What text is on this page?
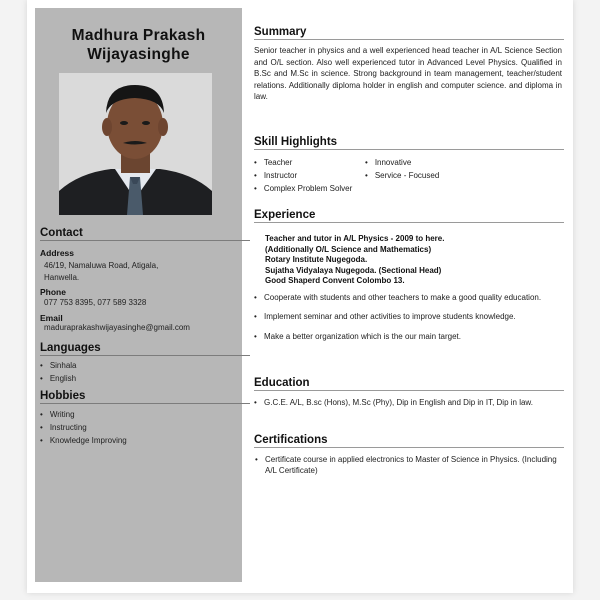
Madhura Prakash
Wijayasinghe
Contact
Address
46/19, Namaluwa Road, Atigala,
Hanwella.
Phone
077 753 8395, 077 589 3328
Email
maduraprakashwijayasinghe@gmail.com
Languages
• Sinhala
• English
Hobbies
• Writing
• Instructing
• Knowledge Improving
Summary
Senior teacher in physics and a well experienced head teacher in A/L Science Section and O/L section. Also well experienced tutor in Advanced Level Physics. Qualified in B.Sc and M.Sc in science. Strong background in team management, teacher/student relations. Additionally diploma holder in english and computer science. and diploma in law.
Skill Highlights
• Teacher	• Innovative
• Instructor	• Service - Focused
• Complex Problem Solver
Experience
Teacher and tutor in A/L Physics - 2009 to here.
(Additionally O/L Science and Mathematics)
Rotary Institute Nugegoda.
Sujatha Vidyalaya Nugegoda. (Sectional Head)
Good Shaperd Convent Colombo 13.
• Cooperate with students and other teachers to make a good quality education.
• Implement seminar and other activities to improve students knowledge.
• Make a better organization which is the our main target.
Education
• G.C.E. A/L, B.sc (Hons), M.Sc (Phy), Dip in English and Dip in IT, Dip in law.
Certifications
• Certificate course in applied electronics to Master of Science in Physics. (Including A/L Certificate)
